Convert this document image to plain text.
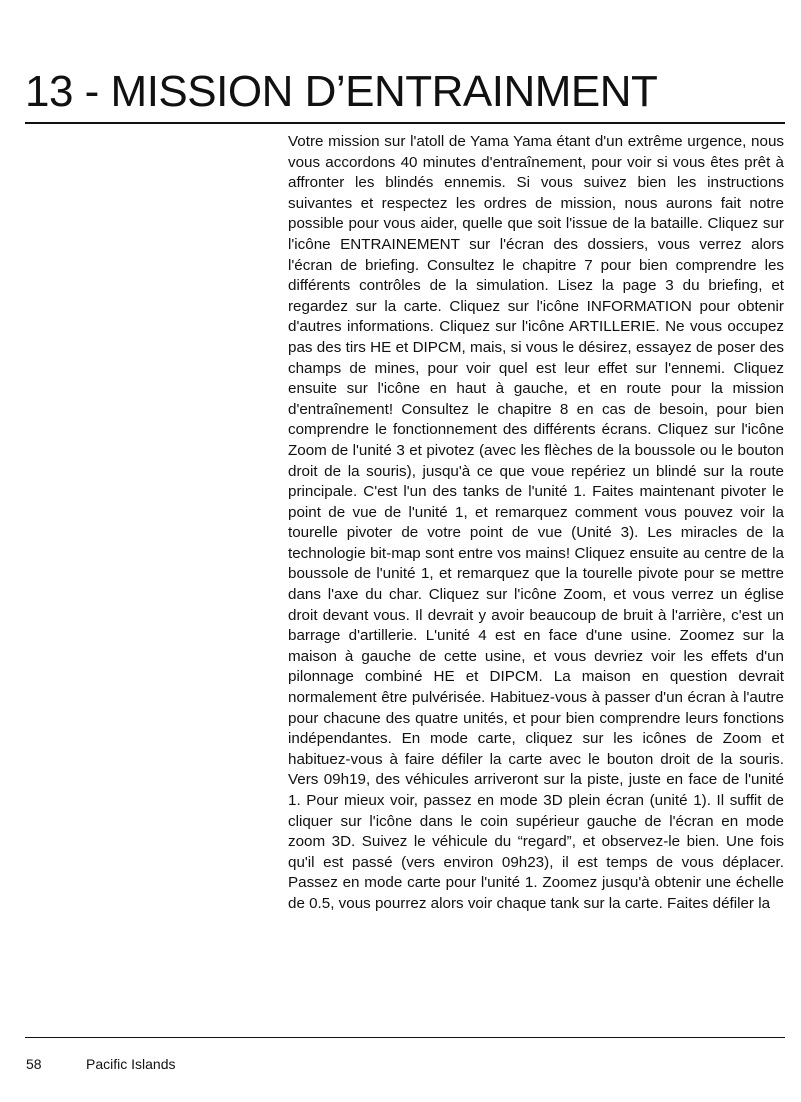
13 - MISSION D’ENTRAINMENT

Votre mission sur l'atoll de Yama Yama étant d'un extrême urgence, nous vous accordons 40 minutes d'entraînement, pour voir si vous êtes prêt à affronter les blindés ennemis. Si vous suivez bien les instructions suivantes et respectez les ordres de mission, nous aurons fait notre possible pour vous aider, quelle que soit l'issue de la bataille. Cliquez sur l'icône ENTRAINEMENT sur l'écran des dossiers, vous verrez alors l'écran de briefing. Consultez le chapitre 7 pour bien comprendre les différents contrôles de la simulation. Lisez la page 3 du briefing, et regardez sur la carte. Cliquez sur l'icône INFORMATION pour obtenir d'autres informations. Cliquez sur l'icône ARTILLERIE. Ne vous occupez pas des tirs HE et DIPCM, mais, si vous le désirez, essayez de poser des champs de mines, pour voir quel est leur effet sur l'ennemi. Cliquez ensuite sur l'icône en haut à gauche, et en route pour la mission d'entraînement! Consultez le chapitre 8 en cas de besoin, pour bien comprendre le fonctionnement des différents écrans. Cliquez sur l'icône Zoom de l'unité 3 et pivotez (avec les flèches de la boussole ou le bouton droit de la souris), jusqu'à ce que voue repériez un blindé sur la route principale. C'est l'un des tanks de l'unité 1. Faites maintenant pivoter le point de vue de l'unité 1, et remarquez comment vous pouvez voir la tourelle pivoter de votre point de vue (Unité 3). Les miracles de la technologie bit-map sont entre vos mains! Cliquez ensuite au centre de la boussole de l'unité 1, et remarquez que la tourelle pivote pour se mettre dans l'axe du char. Cliquez sur l'icône Zoom, et vous verrez un église droit devant vous. Il devrait y avoir beaucoup de bruit à l'arrière, c'est un barrage d'artillerie. L'unité 4 est en face d'une usine. Zoomez sur la maison à gauche de cette usine, et vous devriez voir les effets d'un pilonnage combiné HE et DIPCM. La maison en question devrait normalement être pulvérisée. Habituez-vous à passer d'un écran à l'autre pour chacune des quatre unités, et pour bien comprendre leurs fonctions indépendantes. En mode carte, cliquez sur les icônes de Zoom et habituez-vous à faire défiler la carte avec le bouton droit de la souris. Vers 09h19, des véhicules arriveront sur la piste, juste en face de l'unité 1. Pour mieux voir, passez en mode 3D plein écran (unité 1). Il suffit de cliquer sur l'icône dans le coin supérieur gauche de l'écran en mode zoom 3D. Suivez le véhicule du “regard”, et observez-le bien. Une fois qu'il est passé (vers environ 09h23), il est temps de vous déplacer. Passez en mode carte pour l'unité 1. Zoomez jusqu'à obtenir une échelle de 0.5, vous pourrez alors voir chaque tank sur la carte. Faites défiler la

58	Pacific Islands
